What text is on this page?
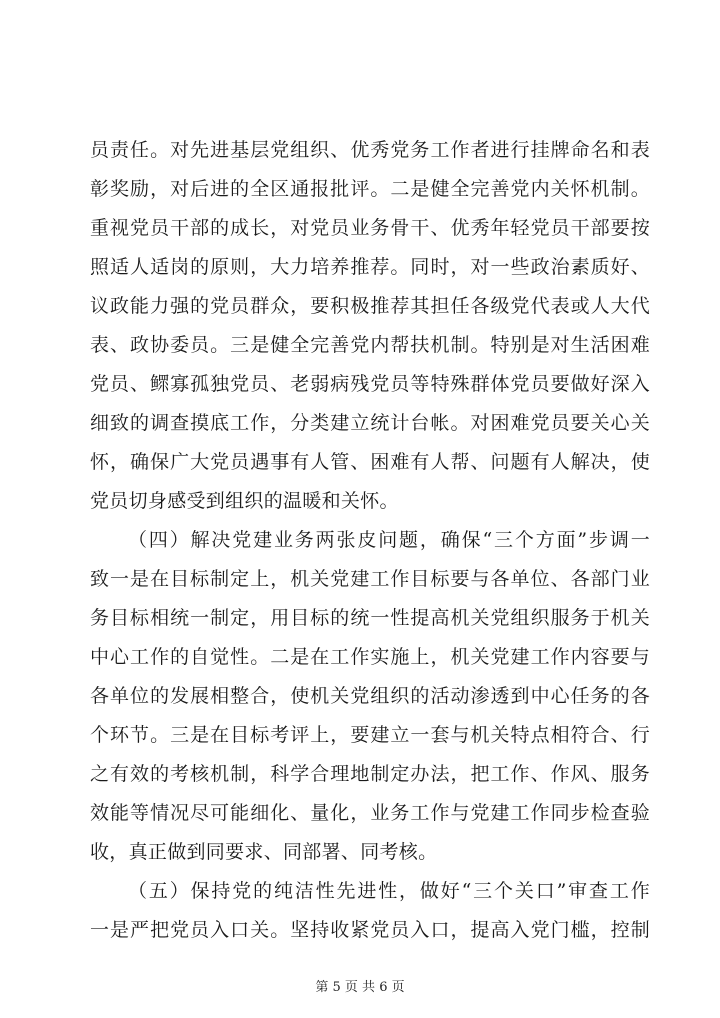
员责任。对先进基层党组织、优秀党务工作者进行挂牌命名和表
彰奖励，对后进的全区通报批评。二是健全完善党内关怀机制。
重视党员干部的成长，对党员业务骨干、优秀年轻党员干部要按
照适人适岗的原则，大力培养推荐。同时，对一些政治素质好、
议政能力强的党员群众，要积极推荐其担任各级党代表或人大代
表、政协委员。三是健全完善党内帮扶机制。特别是对生活困难
党员、鳏寡孤独党员、老弱病残党员等特殊群体党员要做好深入
细致的调查摸底工作，分类建立统计台帐。对困难党员要关心关
怀，确保广大党员遇事有人管、困难有人帮、问题有人解决，使
党员切身感受到组织的温暖和关怀。
（四）解决党建业务两张皮问题，确保“三个方面”步调一
致一是在目标制定上，机关党建工作目标要与各单位、各部门业
务目标相统一制定，用目标的统一性提高机关党组织服务于机关
中心工作的自觉性。二是在工作实施上，机关党建工作内容要与
各单位的发展相整合，使机关党组织的活动渗透到中心任务的各
个环节。三是在目标考评上，要建立一套与机关特点相符合、行
之有效的考核机制，科学合理地制定办法，把工作、作风、服务
效能等情况尽可能细化、量化，业务工作与党建工作同步检查验
收，真正做到同要求、同部署、同考核。
（五）保持党的纯洁性先进性，做好“三个关口”审查工作
一是严把党员入口关。坚持收紧党员入口，提高入党门槛，控制
第 5 页 共 6 页
